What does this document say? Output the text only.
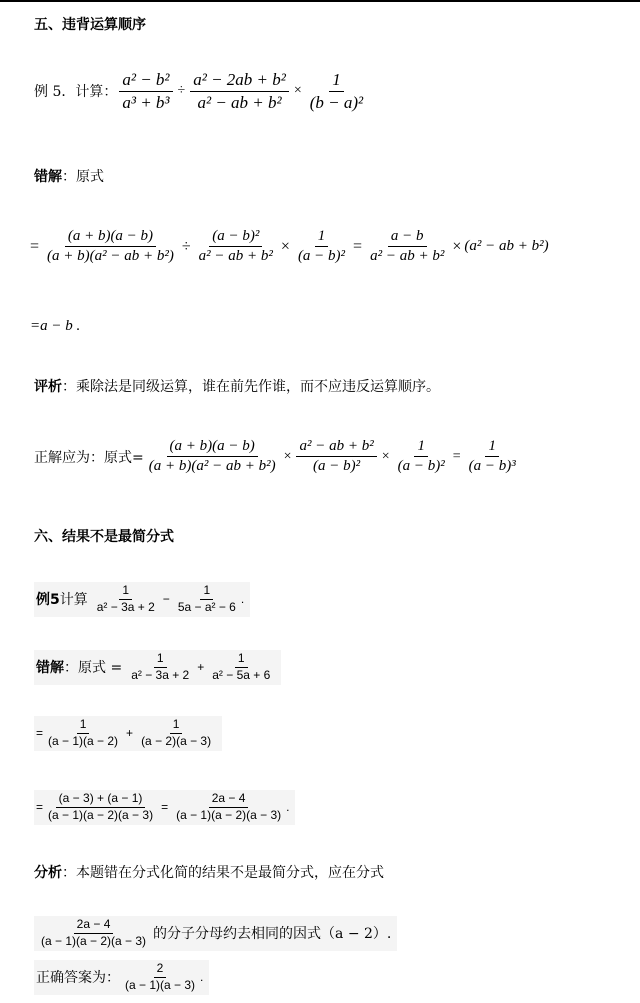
五、违背运算顺序
例 5．计算： $\frac{\text{a² − b²}}{\text{a³ + b³}} \div \frac{\text{a² − 2ab + b²}}{\text{a² − ab + b²}} \times \frac{1}{\text{(b − a)²}}$
错解 ：原式
= $\frac{(a + b)(a - b)}{\text{(a + b)(a² − ab + b²)}} \div \frac{\text{(a − b)²}}{\text{a² − ab + b²}} \times \frac{1}{\text{(a − b)²}} = \frac{a - b}{\text{a² − ab + b²}} \times (a^2$ − ab + b²)
=a − b .
评析 ：乘除法是同级运算，谁在前先作谁，而不应违反运算顺序。
正解应为：原式= $\frac{(a + b)(a - b)}{\text{(a + b)(a² − ab + b²)}} \times \frac{\text{a² − ab + b²}}{\text{(a − b)²}} \times \frac{1}{\text{(a − b)²}} = \frac{1}{\text{(a − b)³}}$
六、结果不是最简分式
例5 计算 $\frac{1}{\text{a² − 3a + 2}} - \frac{1}{\text{5a − a² − 6}}$ .
错解 ：原式 = $\frac{1}{\text{a² − 3a + 2}} + \frac{1}{\text{a² − 5a + 6}}$
= $\frac{1}{(a - 1)(a - 2)} + \frac{1}{(a - 2)(a - 3)}$
= $\frac{(a - 3) + (a - 1)}{(a - 1)(a - 2)(a - 3)} = \frac{2a - 4}{(a - 1)(a - 2)(a - 3)}$ .
分析 ：本题错在分式化简的结果不是最简分式，应在分式
$\frac{2a - 4}{(a - 1)(a - 2)(a - 3)}$ 的分子分母约去相同的因式（a − 2）.
正确答案为： $\frac{2}{(a - 1)(a - 3)}$ .
